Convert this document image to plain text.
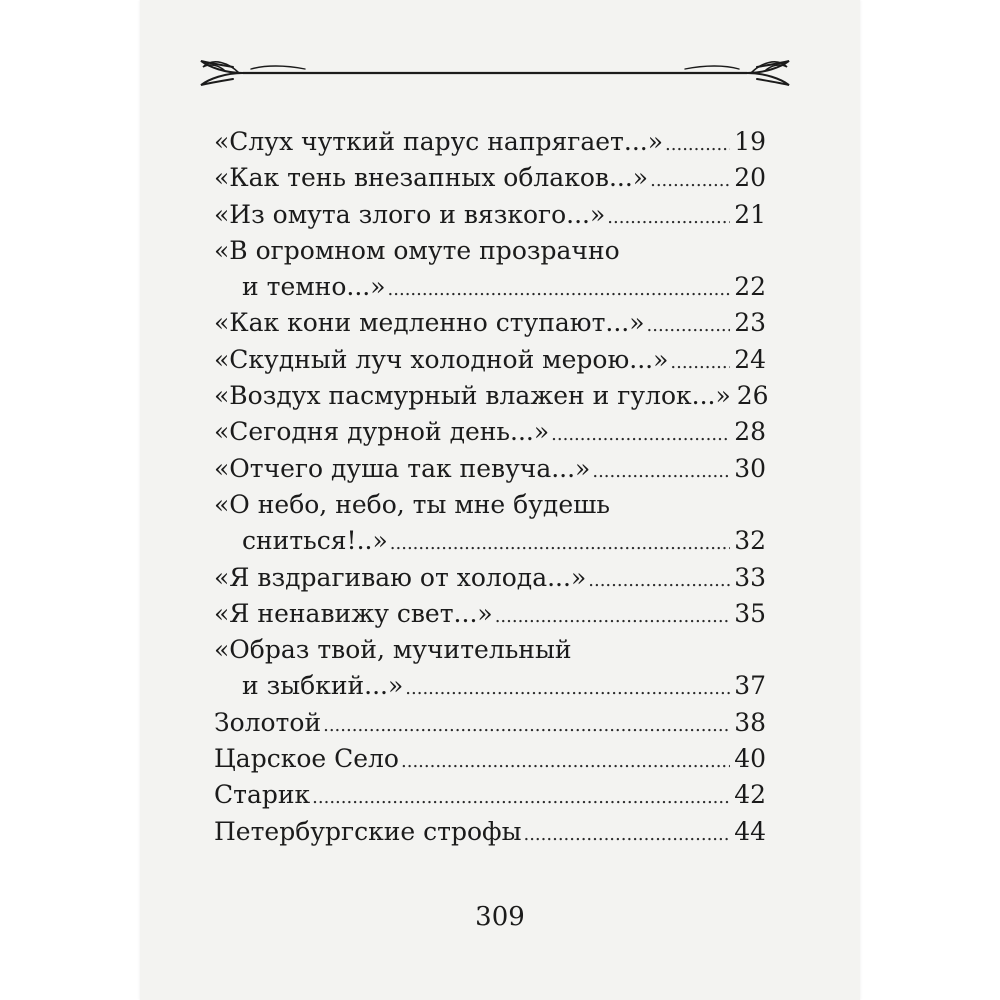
«Слух чуткий парус напрягает...» .....	19
«Как тень внезапных облаков...» .....	20
«Из омута злого и вязкого...» .....	21
«В огромном омуте прозрачно
и темно...» .....	22
«Как кони медленно ступают...» .....	23
«Скудный луч холодной мерою...» .....	24
«Воздух пасмурный влажен и гулок...» 26
«Сегодня дурной день...» .....	28
«Отчего душа так певуча...» .....	30
«О небо, небо, ты мне будешь
сниться!..» .....	32
«Я вздрагиваю от холода...» .....	33
«Я ненавижу свет...» .....	35
«Образ твой, мучительный
и зыбкий...» .....	37
Золотой .....	38
Царское Село .....	40
Старик .....	42
Петербургские строфы .....	44
309
